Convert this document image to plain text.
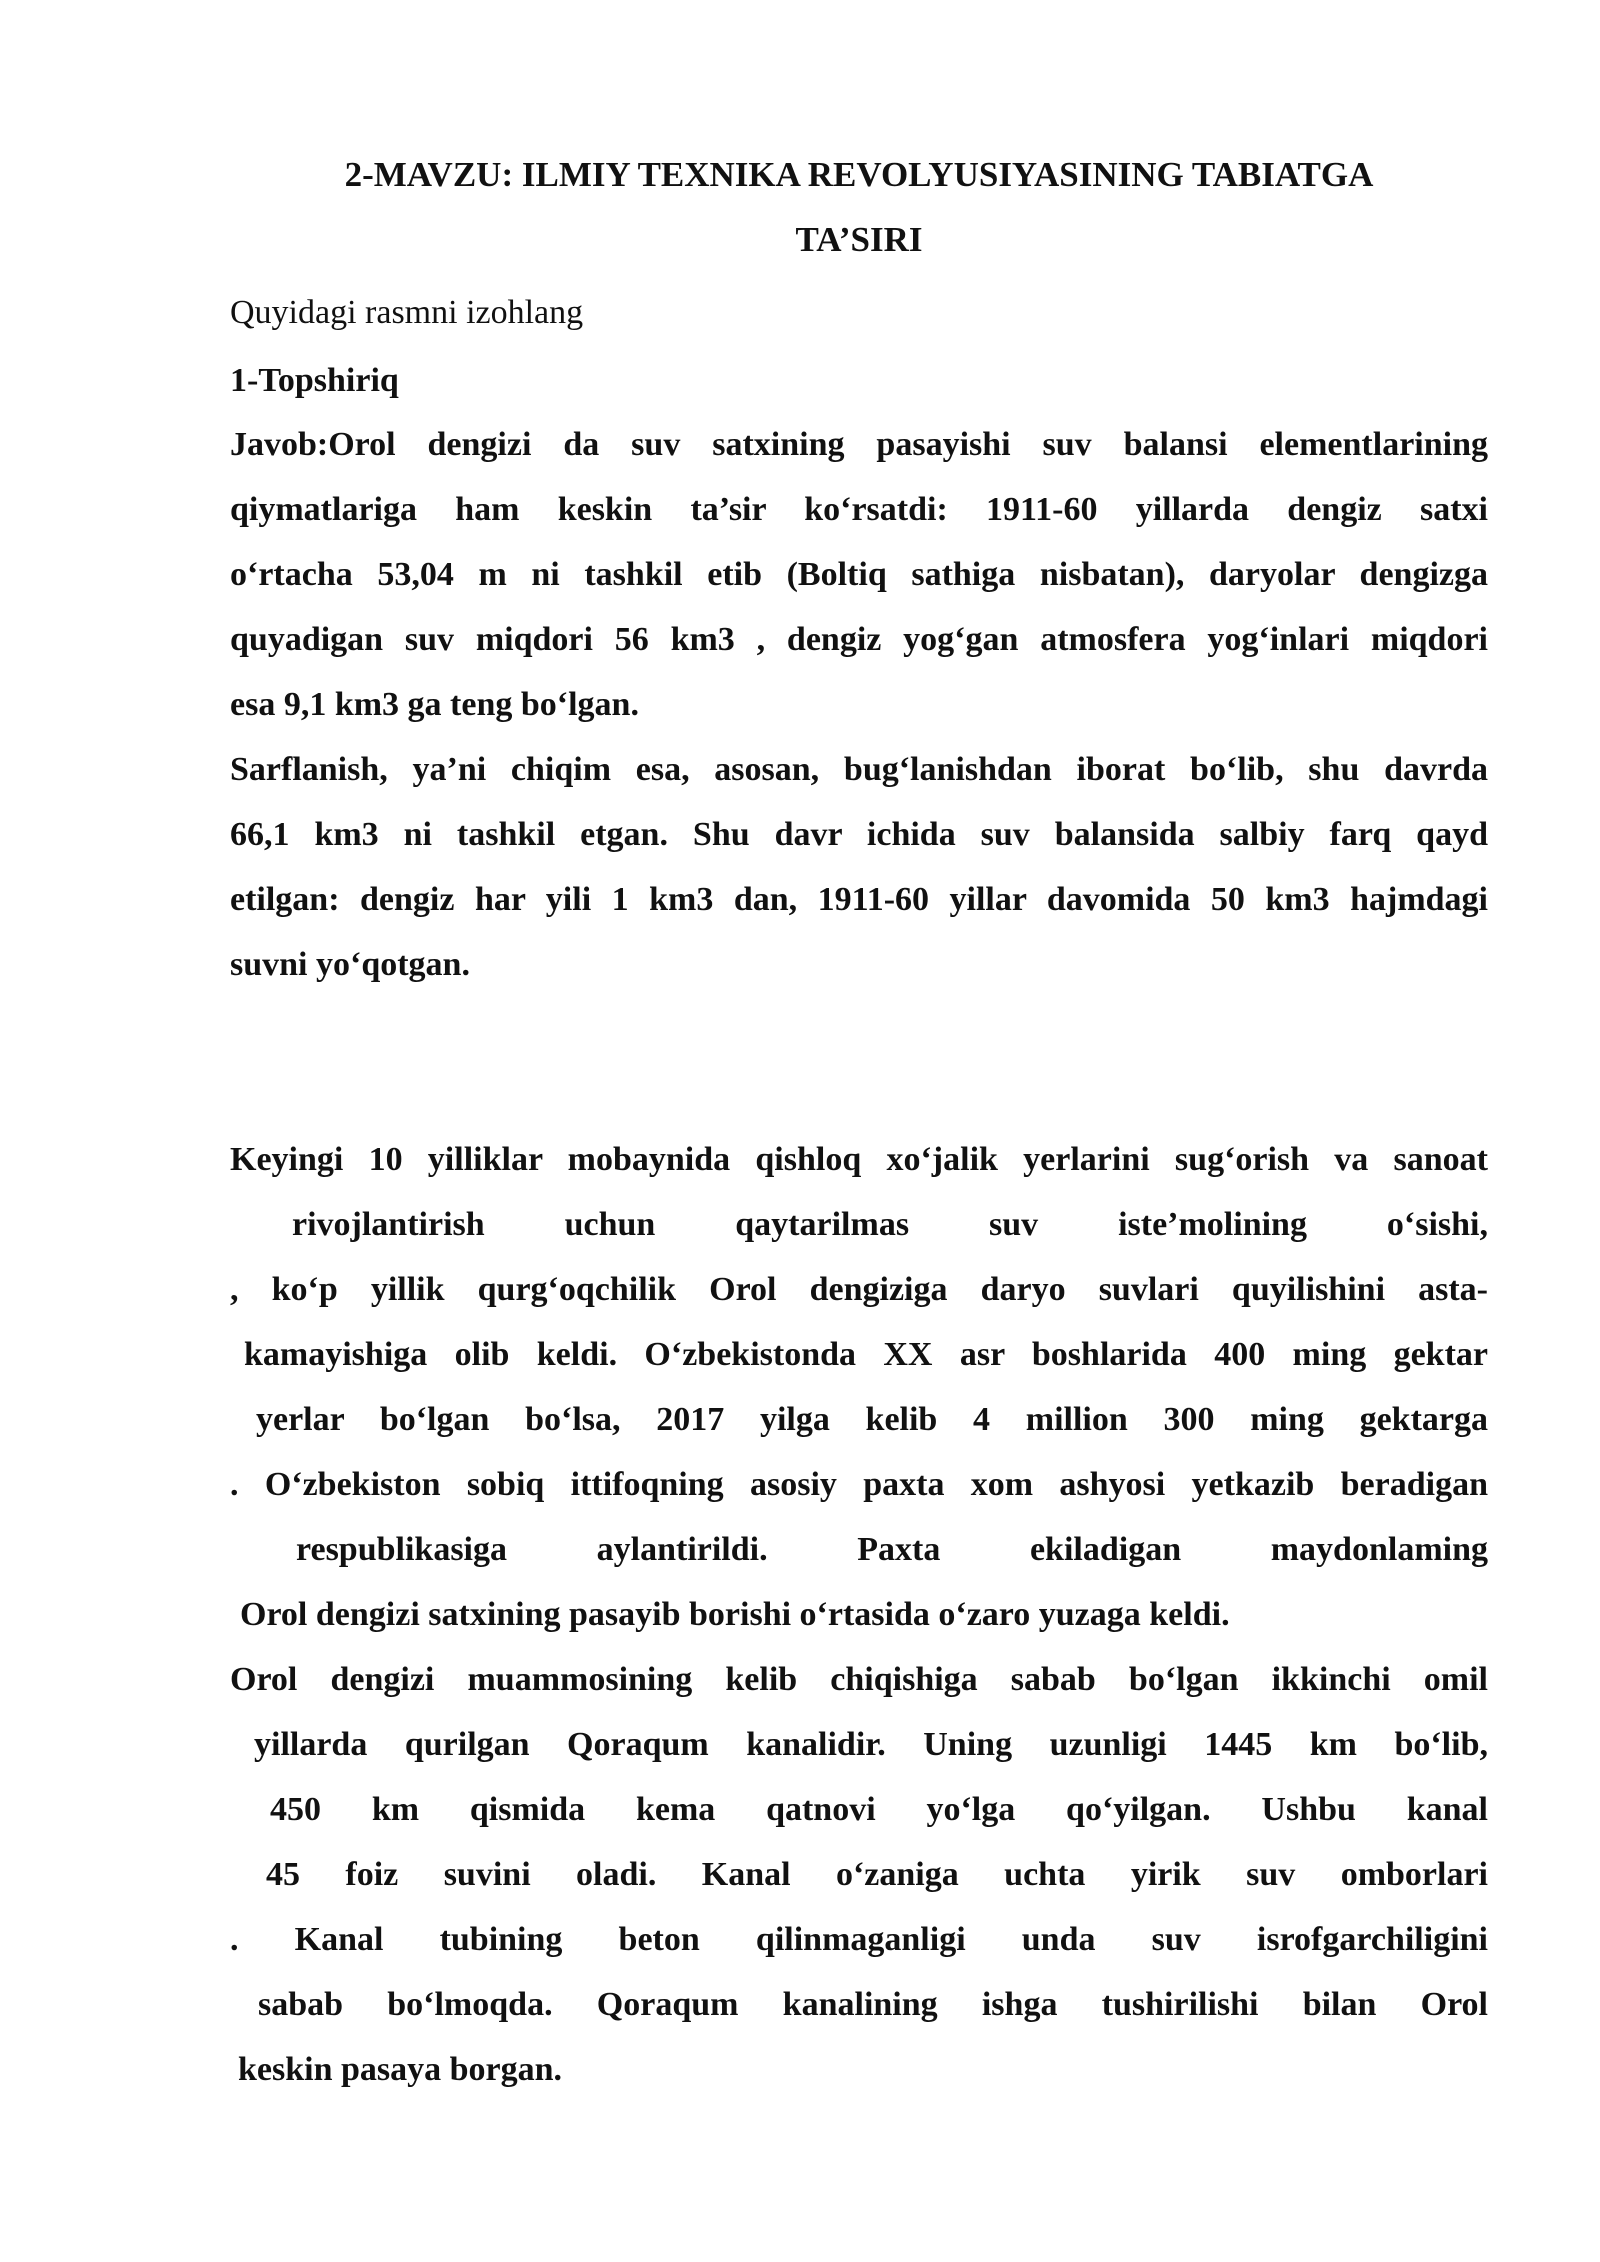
2-MAVZU: ILMIY TEXNIKA REVOLYUSIYASINING TABIATGA
TA’SIRI
Quyidagi rasmni izohlang
1-Topshiriq
Javob:Orol dengizi da suv satxining pasayishi suv balansi elementlarining
qiymatlariga ham keskin ta’sir ko‘rsatdi: 1911-60 yillarda dengiz satxi
o‘rtacha 53,04 m ni tashkil etib (Boltiq sathiga nisbatan), daryolar dengizga
quyadigan suv miqdori 56 km3 , dengiz yog‘gan atmosfera yog‘inlari miqdori
esa 9,1 km3 ga teng bo‘lgan.
Sarflanish, ya’ni chiqim esa, asosan, bug‘lanishdan iborat bo‘lib, shu davrda
66,1 km3 ni tashkil etgan. Shu davr ichida suv balansida salbiy farq qayd
etilgan: dengiz har yili 1 km3 dan, 1911-60 yillar davomida 50 km3 hajmdagi
suvni yo‘qotgan.
Keyingi 10 yilliklar mobaynida qishloq xo‘jalik yerlarini sug‘orish va sanoat
rivojlantirish uchun qaytarilmas suv iste’molining o‘sishi,
, ko‘p yillik qurg‘oqchilik Orol dengiziga daryo suvlari quyilishini asta-
kamayishiga olib keldi. O‘zbekistonda XX asr boshlarida 400 ming gektar
yerlar bo‘lgan bo‘lsa, 2017 yilga kelib 4 million 300 ming gektarga
. O‘zbekiston sobiq ittifoqning asosiy paxta xom ashyosi yetkazib beradigan
respublikasiga aylantirildi. Paxta ekiladigan maydonlaming
Orol dengizi satxining pasayib borishi o‘rtasida o‘zaro yuzaga keldi.
Orol dengizi muammosining kelib chiqishiga sabab bo‘lgan ikkinchi omil
yillarda qurilgan Qoraqum kanalidir. Uning uzunligi 1445 km bo‘lib,
450 km qismida kema qatnovi yo‘lga qo‘yilgan. Ushbu kanal
45 foiz suvini oladi. Kanal o‘zaniga uchta yirik suv omborlari
. Kanal tubining beton qilinmaganligi unda suv isrofgarchiligini
sabab bo‘lmoqda. Qoraqum kanalining ishga tushirilishi bilan Orol
keskin pasaya borgan.
